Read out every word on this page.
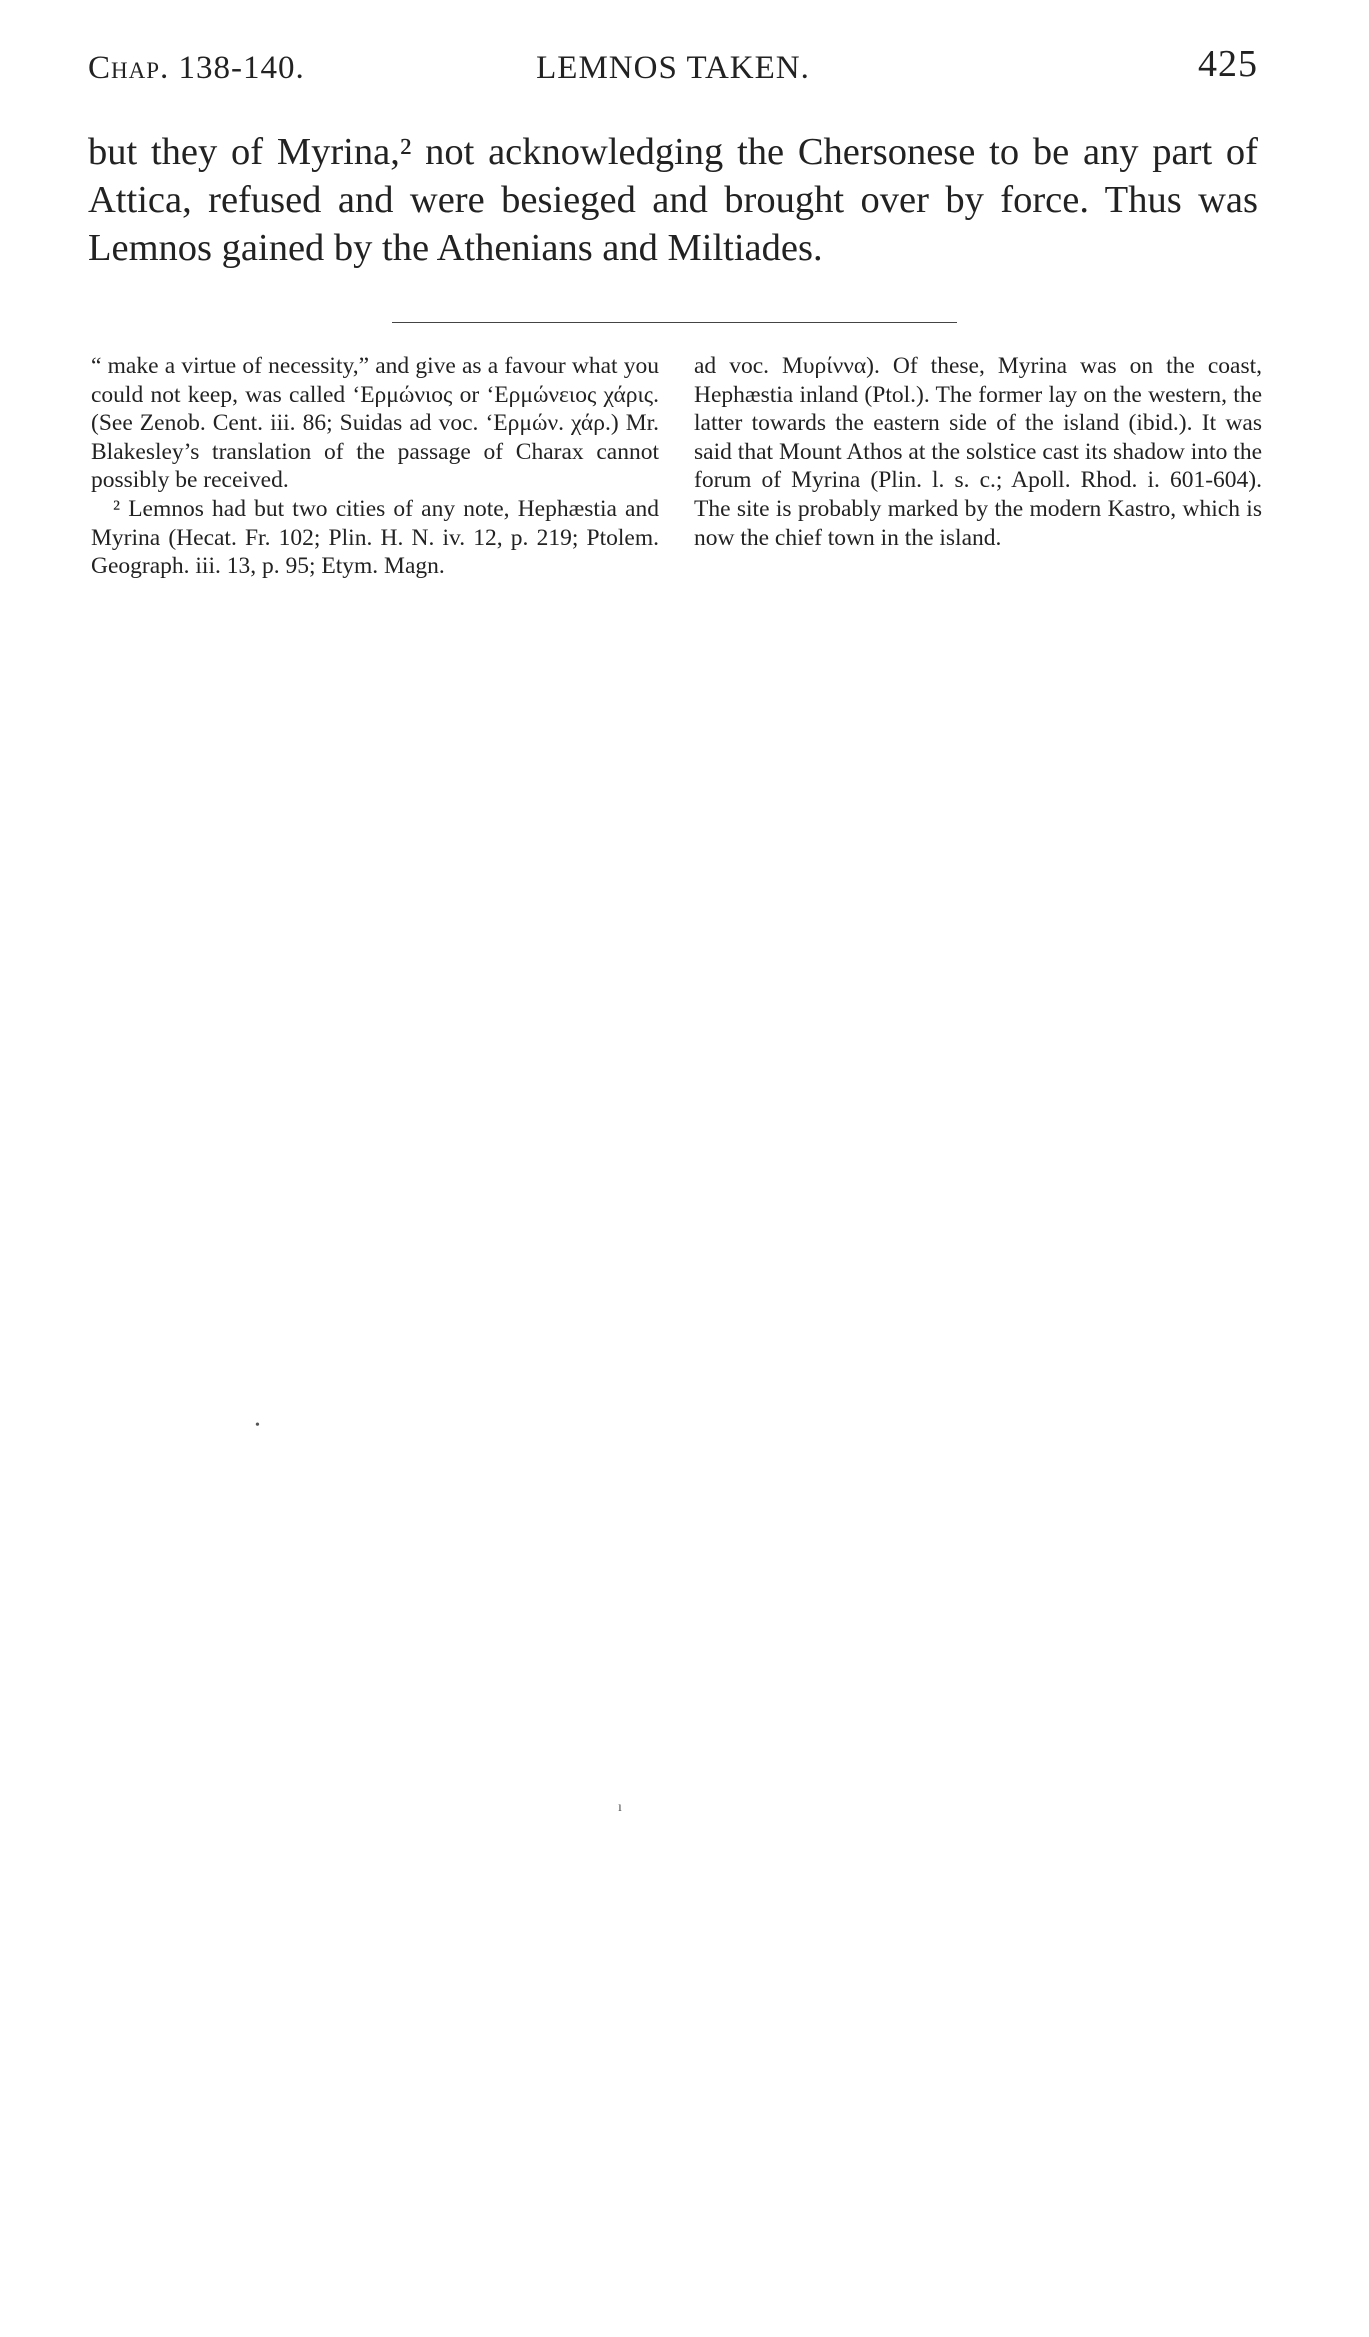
Chap. 138-140.	LEMNOS TAKEN.	425

but they of Myrina,² not acknowledging the Chersonese to be any part of Attica, refused and were besieged and brought over by force. Thus was Lemnos gained by the Athenians and Miltiades.

“ make a virtue of necessity,” and give as a favour what you could not keep, was called ‘Ερμώνιος or ‘Ερμώνειος χάρις. (See Zenob. Cent. iii. 86; Suidas ad voc. ‘Ερμών. χάρ.) Mr. Blakesley’s translation of the passage of Charax cannot possibly be received.

² Lemnos had but two cities of any note, Hephæstia and Myrina (Hecat. Fr. 102; Plin. H. N. iv. 12, p. 219; Ptolem. Geograph. iii. 13, p. 95; Etym. Magn.

ad voc. Μυρίννα). Of these, Myrina was on the coast, Hephæstia inland (Ptol.). The former lay on the western, the latter towards the eastern side of the island (ibid.). It was said that Mount Athos at the solstice cast its shadow into the forum of Myrina (Plin. l. s. c.; Apoll. Rhod. i. 601-604). The site is probably marked by the modern Kastro, which is now the chief town in the island.

•
ı
